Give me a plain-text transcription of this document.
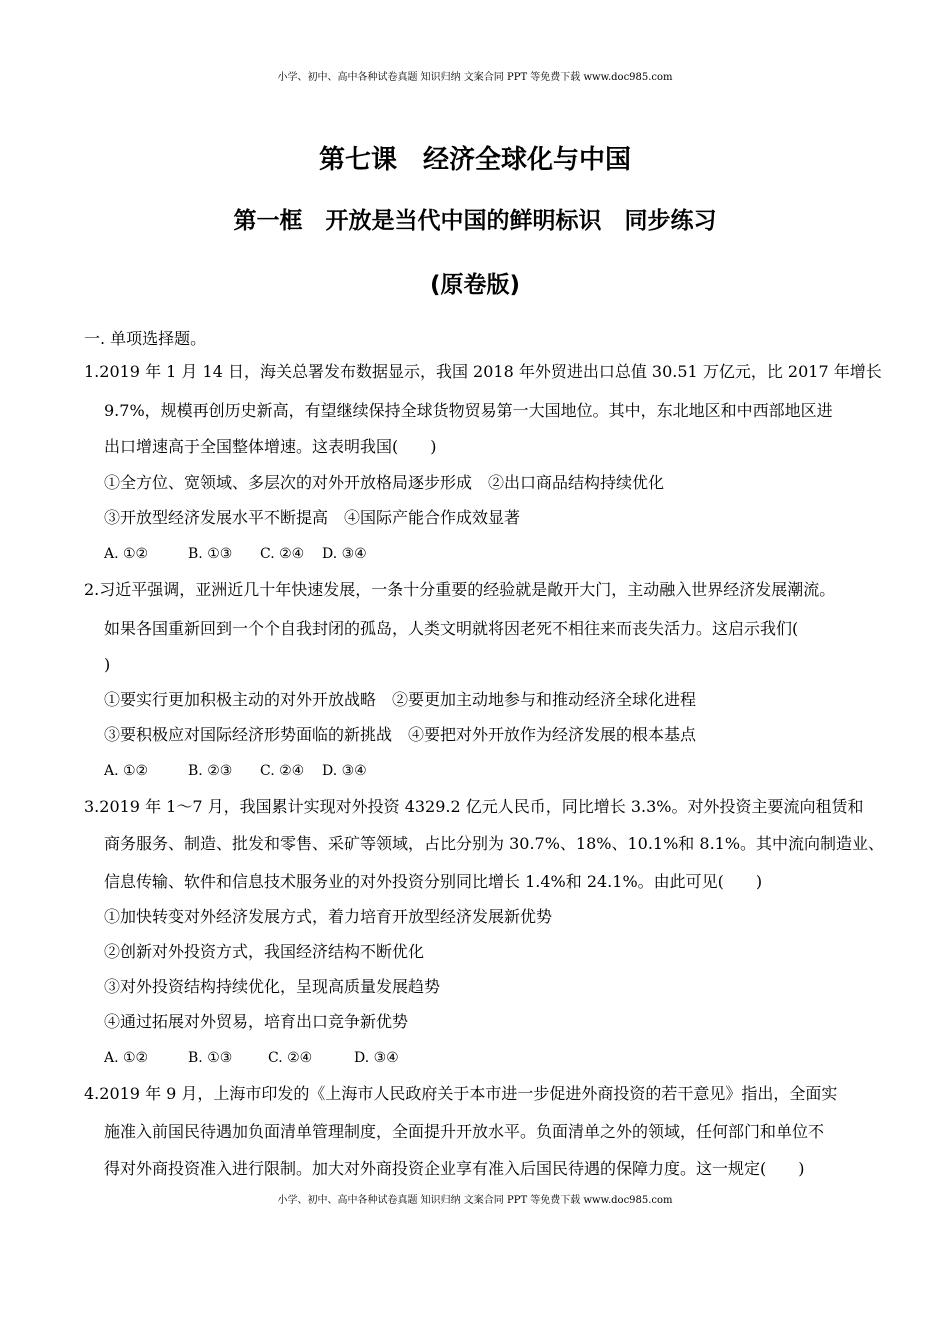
小学、初中、高中各种试卷真题 知识归纳 文案合同 PPT 等免费下载 www.doc985.com
第七课　经济全球化与中国
第一框　开放是当代中国的鲜明标识　同步练习
(原卷版)
一. 单项选择题。
1.2019 年 1 月 14 日，海关总署发布数据显示，我国 2018 年外贸进出口总值 30.51 万亿元，比 2017 年增长
9.7%，规模再创历史新高，有望继续保持全球货物贸易第一大国地位。其中，东北地区和中西部地区进
出口增速高于全国整体增速。这表明我国(　　)
①全方位、宽领域、多层次的对外开放格局逐步形成　②出口商品结构持续优化
③开放型经济发展水平不断提高　④国际产能合作成效显著
A. ①②	B. ①③ C. ②④ D. ③④
2.习近平强调，亚洲近几十年快速发展，一条十分重要的经验就是敞开大门，主动融入世界经济发展潮流。
如果各国重新回到一个个自我封闭的孤岛，人类文明就将因老死不相往来而丧失活力。这启示我们(
)
①要实行更加积极主动的对外开放战略　②要更加主动地参与和推动经济全球化进程
③要积极应对国际经济形势面临的新挑战　④要把对外开放作为经济发展的根本基点
A. ①②	B. ②③ C. ②④ D. ③④
3.2019 年 1～7 月，我国累计实现对外投资 4329.2 亿元人民币，同比增长 3.3%。对外投资主要流向租赁和
商务服务、制造、批发和零售、采矿等领域，占比分别为 30.7%、18%、10.1%和 8.1%。其中流向制造业、
信息传输、软件和信息技术服务业的对外投资分别同比增长 1.4%和 24.1%。由此可见(　　)
①加快转变对外经济发展方式，着力培育开放型经济发展新优势
②创新对外投资方式，我国经济结构不断优化
③对外投资结构持续优化，呈现高质量发展趋势
④通过拓展对外贸易，培育出口竞争新优势
A. ①②	B. ①③	C. ②④	D. ③④
4.2019 年 9 月，上海市印发的《上海市人民政府关于本市进一步促进外商投资的若干意见》指出，全面实
施准入前国民待遇加负面清单管理制度，全面提升开放水平。负面清单之外的领域，任何部门和单位不
得对外商投资准入进行限制。加大对外商投资企业享有准入后国民待遇的保障力度。这一规定(　　)
小学、初中、高中各种试卷真题 知识归纳 文案合同 PPT 等免费下载 www.doc985.com
